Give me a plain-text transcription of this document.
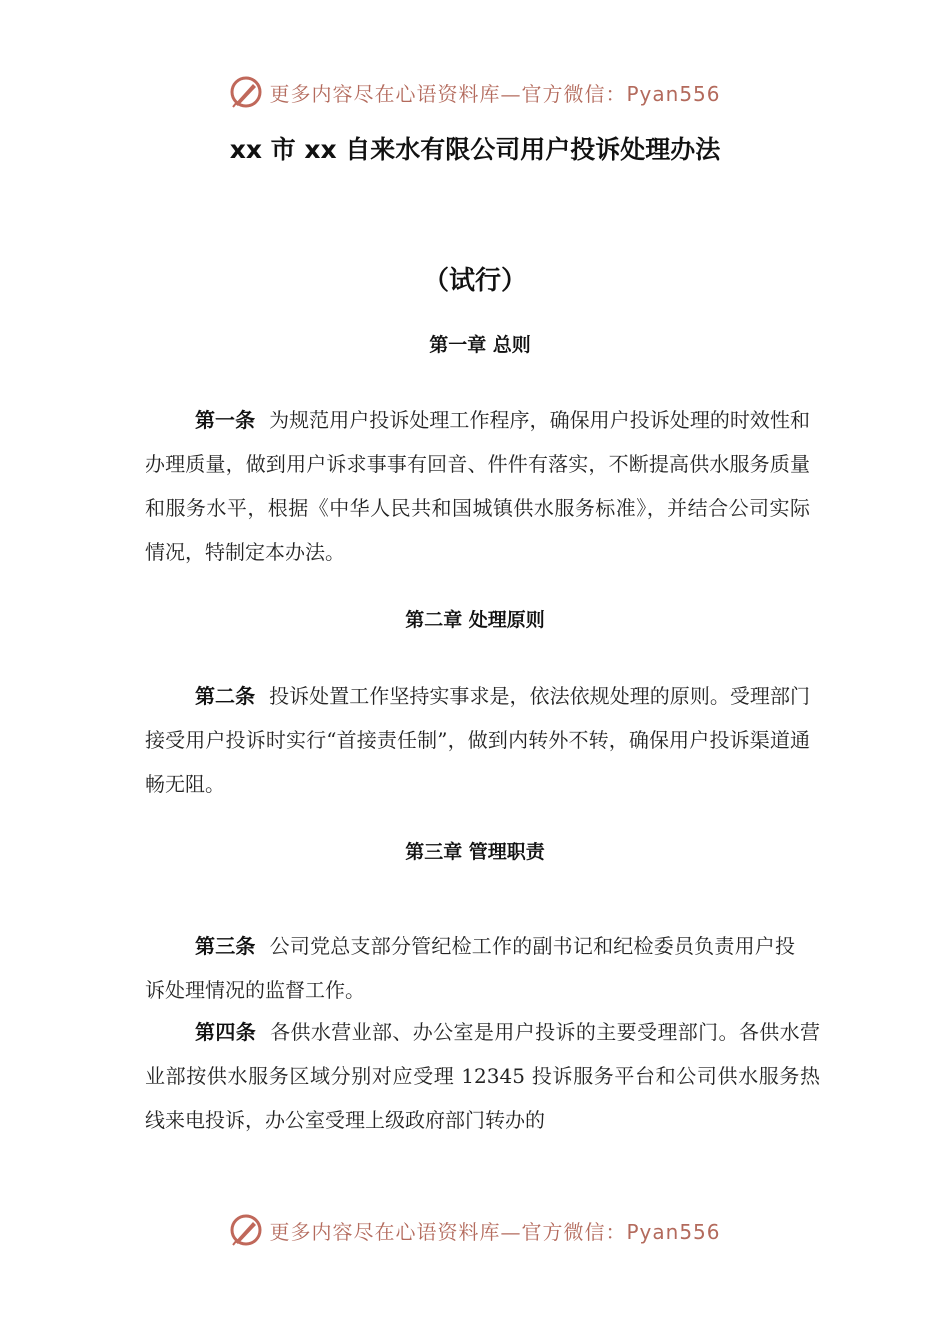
更多内容尽在心语资料库—官方微信：Pyan556
xx 市 xx 自来水有限公司用户投诉处理办法
（试行）
第一章 总则

第一条 为规范用户投诉处理工作程序，确保用户投诉处理的时效性和办理质量，做到用户诉求事事有回音、件件有落实，不断提高供水服务质量和服务水平，根据《中华人民共和国城镇供水服务标准》，并结合公司实际情况，特制定本办法。

第二章 处理原则

第二条 投诉处置工作坚持实事求是，依法依规处理的原则。受理部门接受用户投诉时实行“首接责任制”，做到内转外不转，确保用户投诉渠道通畅无阻。

第三章 管理职责

第三条 公司党总支部分管纪检工作的副书记和纪检委员负责用户投诉处理情况的监督工作。

第四条 各供水营业部、办公室是用户投诉的主要受理部门。各供水营业部按供水服务区域分别对应受理 12345 投诉服务平台和公司供水服务热线来电投诉，办公室受理上级政府部门转办的

更多内容尽在心语资料库—官方微信：Pyan556
